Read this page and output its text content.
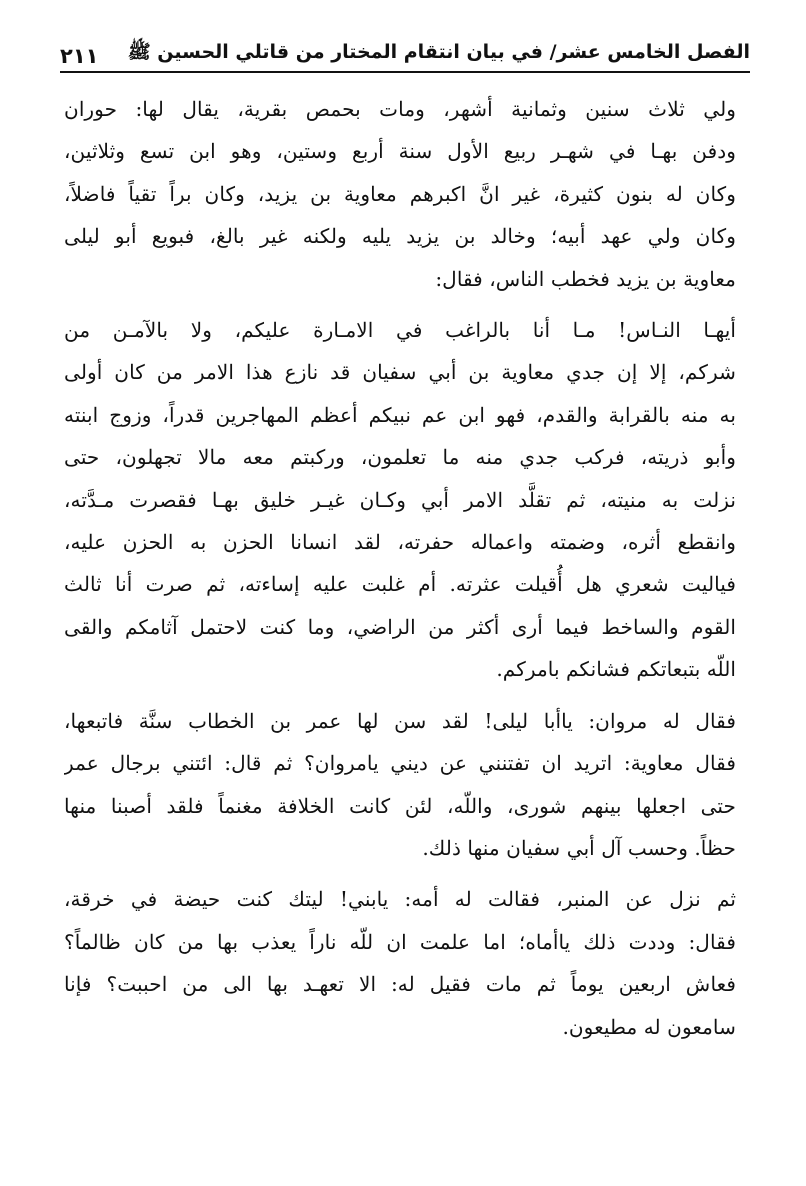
الفصل الخامس عشر/ في بيان انتقام المختار من قاتلي الحسين ﷺ
٢١١

ولي ثلاث سنين وثمانية أشهر، ومات بحمص بقرية، يقال لها: حوران
ودفن بهـا في شهـر ربيع الأول سنة أربع وستين، وهو ابن تسع وثلاثين،
وكان له بنون كثيرة، غير انَّ اكبرهم معاوية بن يزيد، وكان براً تقياً فاضلاً،
وكان ولي عهد أبيه؛ وخالد بن يزيد يليه ولكنه غير بالغ، فبويع أبو ليلى
معاوية بن يزيد فخطب الناس، فقال:

أيهـا النـاس! مـا أنا بالراغب في الامـارة عليكم، ولا بالآمـن من
شركم، إلا إن جدي معاوية بن أبي سفيان قد نازع هذا الامر من كان أولى
به منه بالقرابة والقدم، فهو ابن عم نبيكم أعظم المهاجرين قدراً، وزوج ابنته
وأبو ذريته، فركب جدي منه ما تعلمون، وركبتم معه مالا تجهلون، حتى
نزلت به منيته، ثم تقلَّد الامر أبي وكـان غيـر خليق بهـا فقصرت مـدَّته،
وانقطع أثره، وضمته واعماله حفرته، لقد انسانا الحزن به الحزن عليه،
فياليت شعري هل أُقيلت عثرته. أم غلبت عليه إساءته، ثم صرت أنا ثالث
القوم والساخط فيما أرى أكثر من الراضي، وما كنت لاحتمل آثامكم والقى
اللّه بتبعاتكم فشانكم بامركم.

فقال له مروان: ياأبا ليلى! لقد سن لها عمر بن الخطاب سنَّة فاتبعها،
فقال معاوية: اتريد ان تفتنني عن ديني يامروان؟ ثم قال: ائتني برجال عمر
حتى اجعلها بينهم شورى، واللّه، لئن كانت الخلافة مغنماً فلقد أصبنا منها
حظاً. وحسب آل أبي سفيان منها ذلك.

ثم نزل عن المنبر، فقالت له أمه: يابني! ليتك كنت حيضة في خرقة،
فقال: وددت ذلك ياأماه؛ اما علمت ان للّه ناراً يعذب بها من كان ظالماً؟
فعاش اربعين يوماً ثم مات فقيل له: الا تعهـد بها الى من احببت؟ فإنا
سامعون له مطيعون.
